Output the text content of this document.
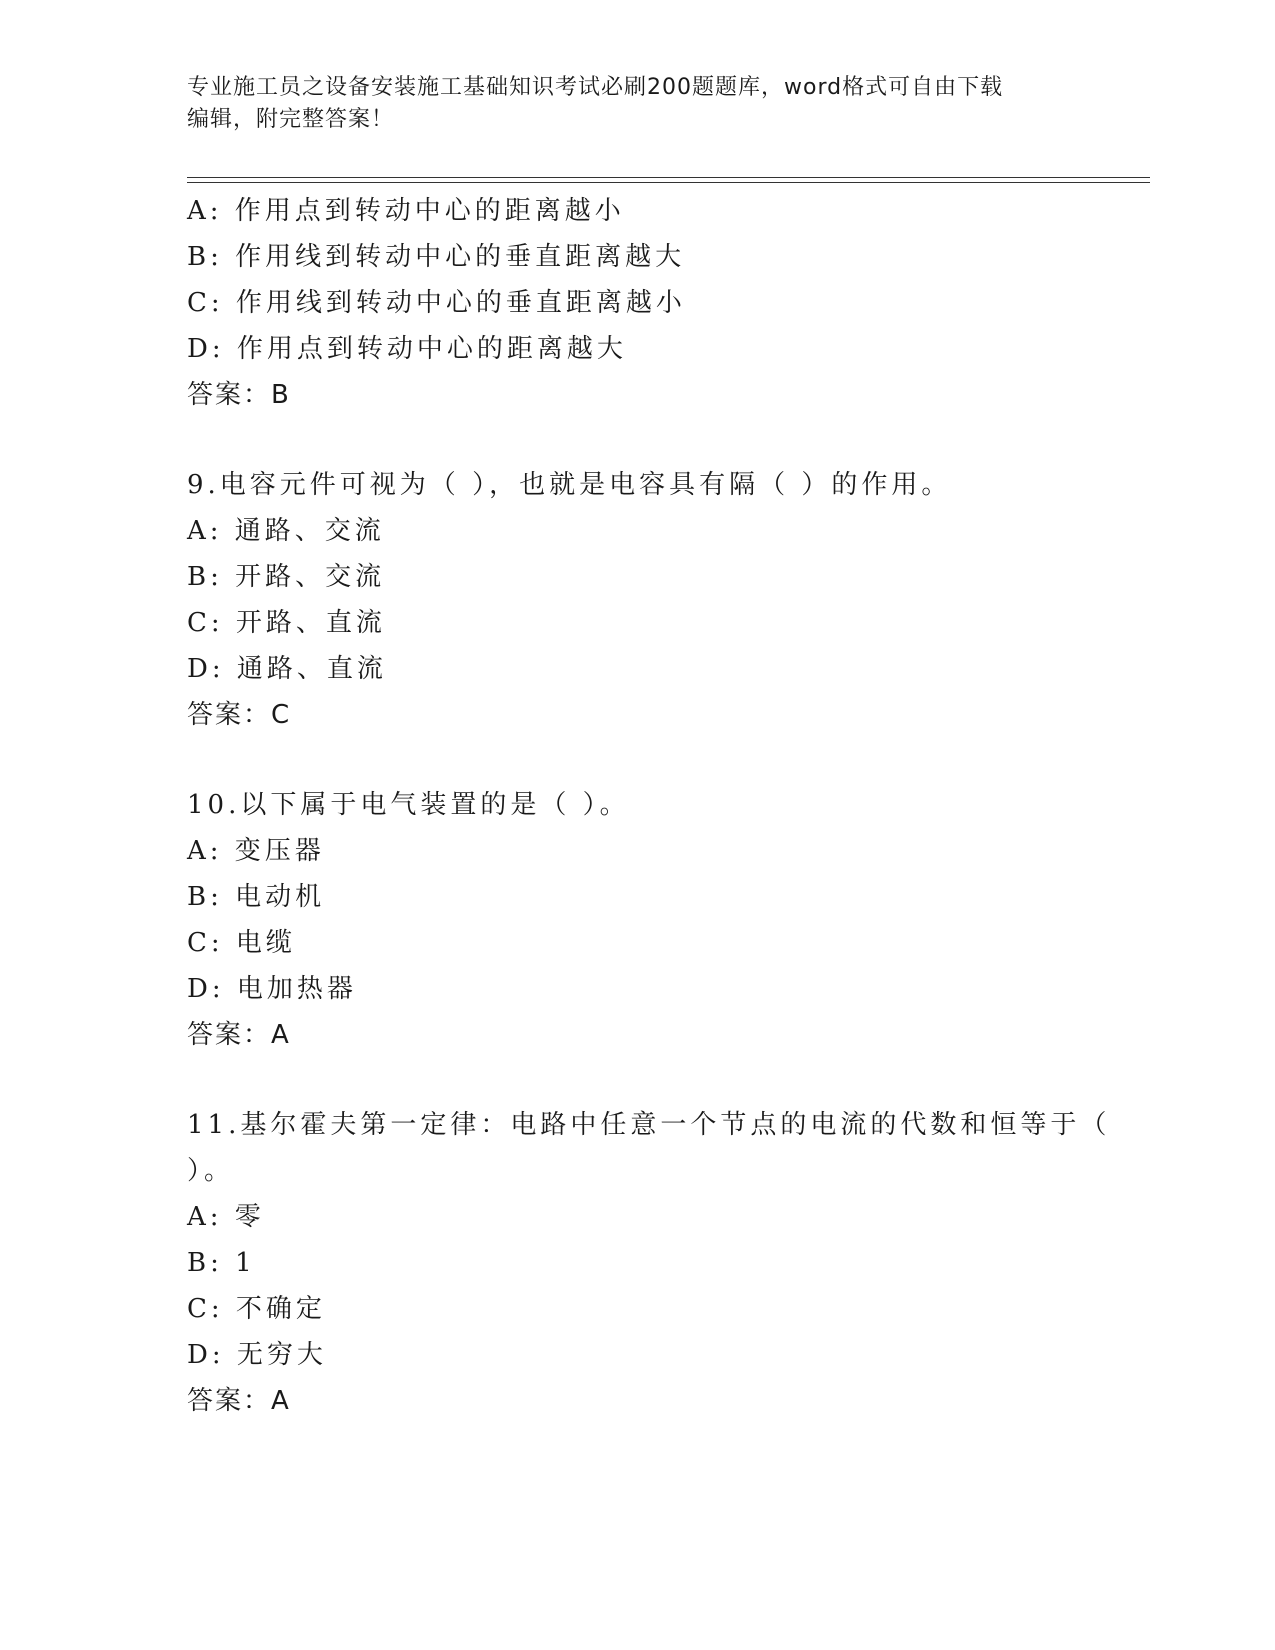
专业施工员之设备安装施工基础知识考试必刷200题题库，word格式可自由下载
编辑，附完整答案！
A: 作用点到转动中心的距离越小
B: 作用线到转动中心的垂直距离越大
C: 作用线到转动中心的垂直距离越小
D: 作用点到转动中心的距离越大
答案：B
9.电容元件可视为（ ），也就是电容具有隔（ ）的作用。
A: 通路、交流
B: 开路、交流
C: 开路、直流
D: 通路、直流
答案：C
10.以下属于电气装置的是（ ）。
A: 变压器
B: 电动机
C: 电缆
D: 电加热器
答案：A
11.基尔霍夫第一定律：电路中任意一个节点的电流的代数和恒等于（
）。
A: 零
B: 1
C: 不确定
D: 无穷大
答案：A
